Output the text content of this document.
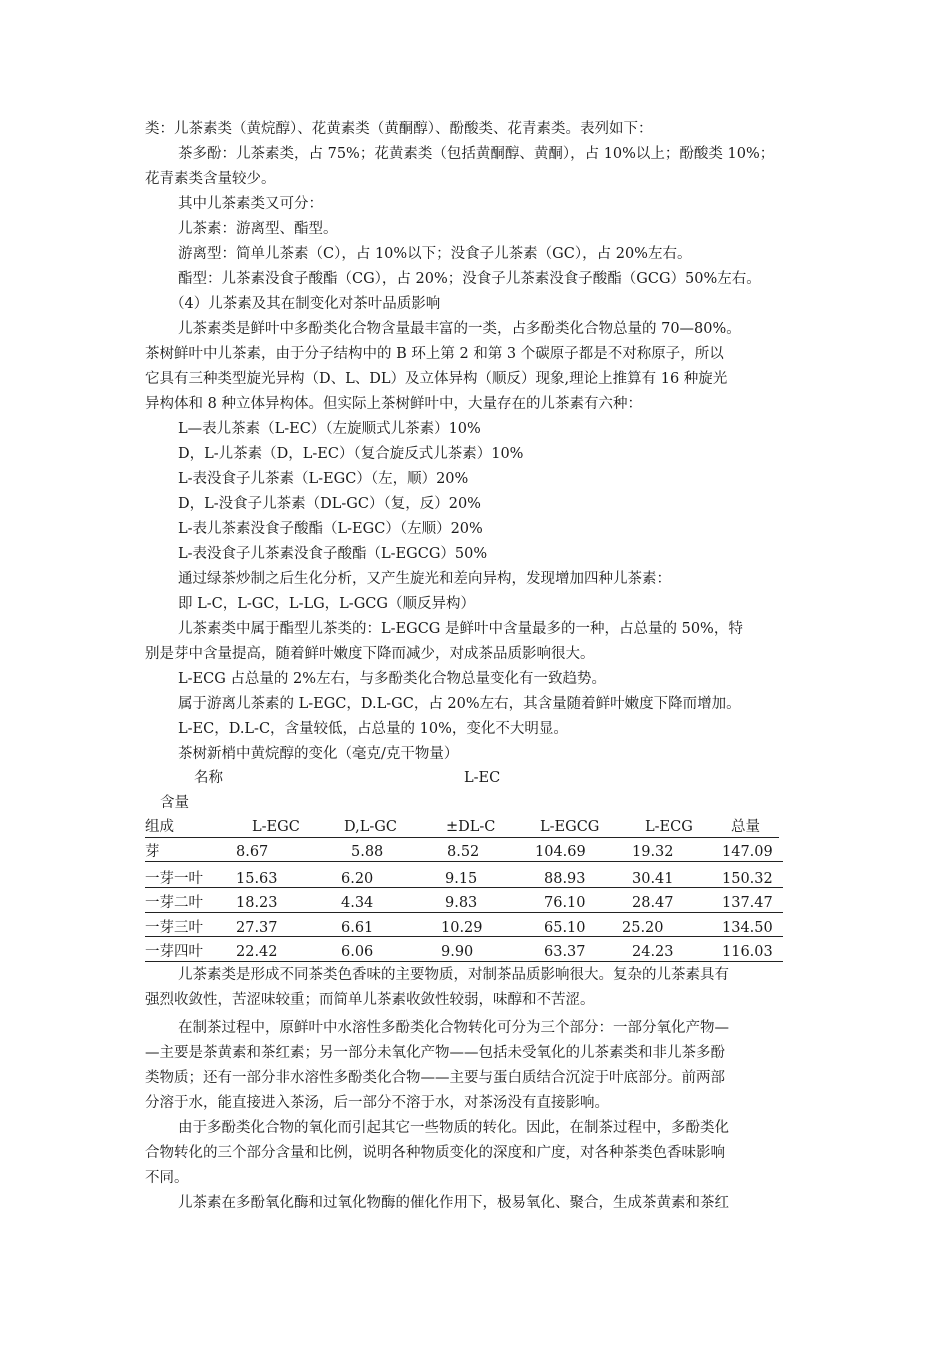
类：儿茶素类（黄烷醇）、花黄素类（黄酮醇）、酚酸类、花青素类。表列如下：
茶多酚：儿茶素类，占 75%；花黄素类（包括黄酮醇、黄酮），占 10%以上；酚酸类 10%；
花青素类含量较少。
其中儿茶素类又可分：
儿茶素：游离型、酯型。
游离型：简单儿茶素（C），占 10%以下；没食子儿茶素（GC），占 20%左右。
酯型：儿茶素没食子酸酯（CG），占 20%；没食子儿茶素没食子酸酯（GCG）50%左右。
（4）儿茶素及其在制变化对茶叶品质影响
儿茶素类是鲜叶中多酚类化合物含量最丰富的一类，占多酚类化合物总量的 70—80%。
茶树鲜叶中儿茶素，由于分子结构中的 B 环上第 2 和第 3 个碳原子都是不对称原子，所以
它具有三种类型旋光异构（D、L、DL）及立体异构（顺反）现象,理论上推算有 16 种旋光
异构体和 8 种立体异构体。但实际上茶树鲜叶中，大量存在的儿茶素有六种：
L—表儿茶素（L-EC）（左旋顺式儿茶素）10%
D，L-儿茶素（D，L-EC）（复合旋反式儿茶素）10%
L-表没食子儿茶素（L-EGC）（左，顺）20%
D，L-没食子儿茶素（DL-GC）（复，反）20%
L-表儿茶素没食子酸酯（L-EGC）（左顺）20%
L-表没食子儿茶素没食子酸酯（L-EGCG）50%
通过绿茶炒制之后生化分析，又产生旋光和差向异构，发现增加四种儿茶素：
即 L-C，L-GC，L-LG，L-GCG（顺反异构）
儿茶素类中属于酯型儿茶类的：L-EGCG 是鲜叶中含量最多的一种，占总量的 50%，特
别是芽中含量提高，随着鲜叶嫩度下降而减少，对成茶品质影响很大。
L-ECG 占总量的 2%左右，与多酚类化合物总量变化有一致趋势。
属于游离儿茶素的 L-EGC，D.L-GC，占 20%左右，其含量随着鲜叶嫩度下降而增加。
L-EC，D.L-C，含量较低，占总量的 10%，变化不大明显。
茶树新梢中黄烷醇的变化（毫克/克干物量）
名称	L-EC
含量
组成	L-EGC	D,L-GC	±DL-C	L-EGCG	L-ECG	总量
芽	8.67	5.88	8.52	104.69	19.32	147.09
一芽一叶 15.63	6.20	9.15	88.93	30.41	150.32
一芽二叶 18.23	4.34	9.83	76.10	28.47	137.47
一芽三叶 27.37	6.61	10.29	65.10	25.20	134.50
一芽四叶 22.42	6.06	9.90	63.37	24.23	116.03
儿茶素类是形成不同茶类色香味的主要物质，对制茶品质影响很大。复杂的儿茶素具有
强烈收敛性，苦涩味较重；而简单儿茶素收敛性较弱，味醇和不苦涩。
在制茶过程中，原鲜叶中水溶性多酚类化合物转化可分为三个部分：一部分氧化产物—
—主要是茶黄素和茶红素；另一部分未氧化产物——包括未受氧化的儿茶素类和非儿茶多酚
类物质；还有一部分非水溶性多酚类化合物——主要与蛋白质结合沉淀于叶底部分。前两部
分溶于水，能直接进入茶汤，后一部分不溶于水，对茶汤没有直接影响。
由于多酚类化合物的氧化而引起其它一些物质的转化。因此，在制茶过程中，多酚类化
合物转化的三个部分含量和比例，说明各种物质变化的深度和广度，对各种茶类色香味影响
不同。
儿茶素在多酚氧化酶和过氧化物酶的催化作用下，极易氧化、聚合，生成茶黄素和茶红
